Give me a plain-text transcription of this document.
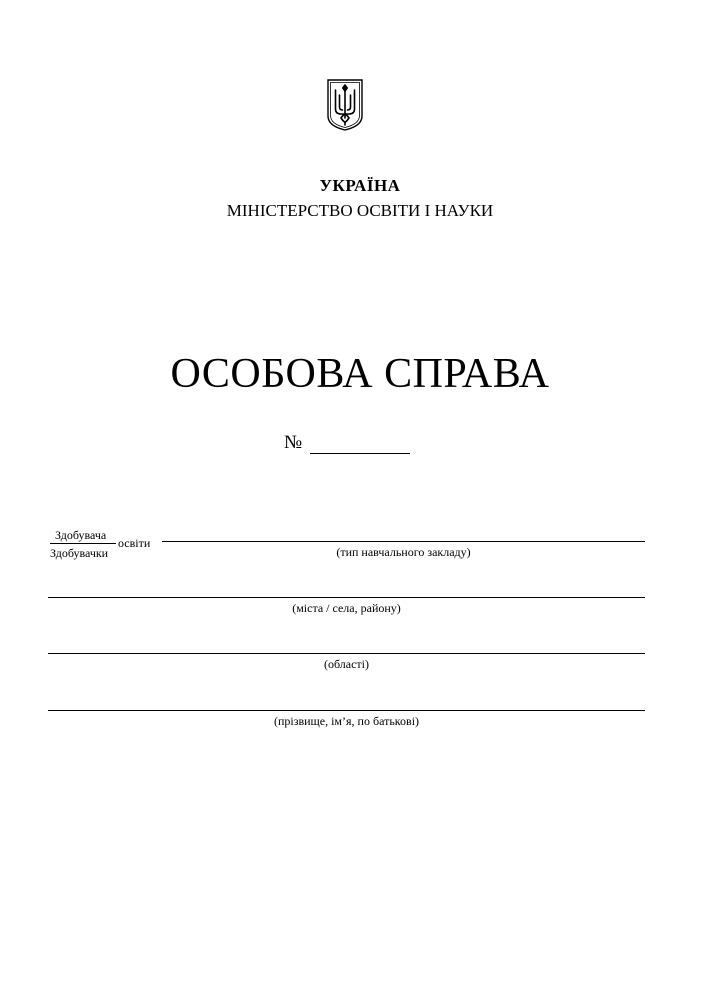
УКРАЇНА
МІНІСТЕРСТВО ОСВІТИ І НАУКИ
ОСОБОВА СПРАВА
№
Здобувача
Здобувачки
освіти
(тип навчального закладу)
(міста / села, району)
(області)
(прізвище, ім’я, по батькові)
